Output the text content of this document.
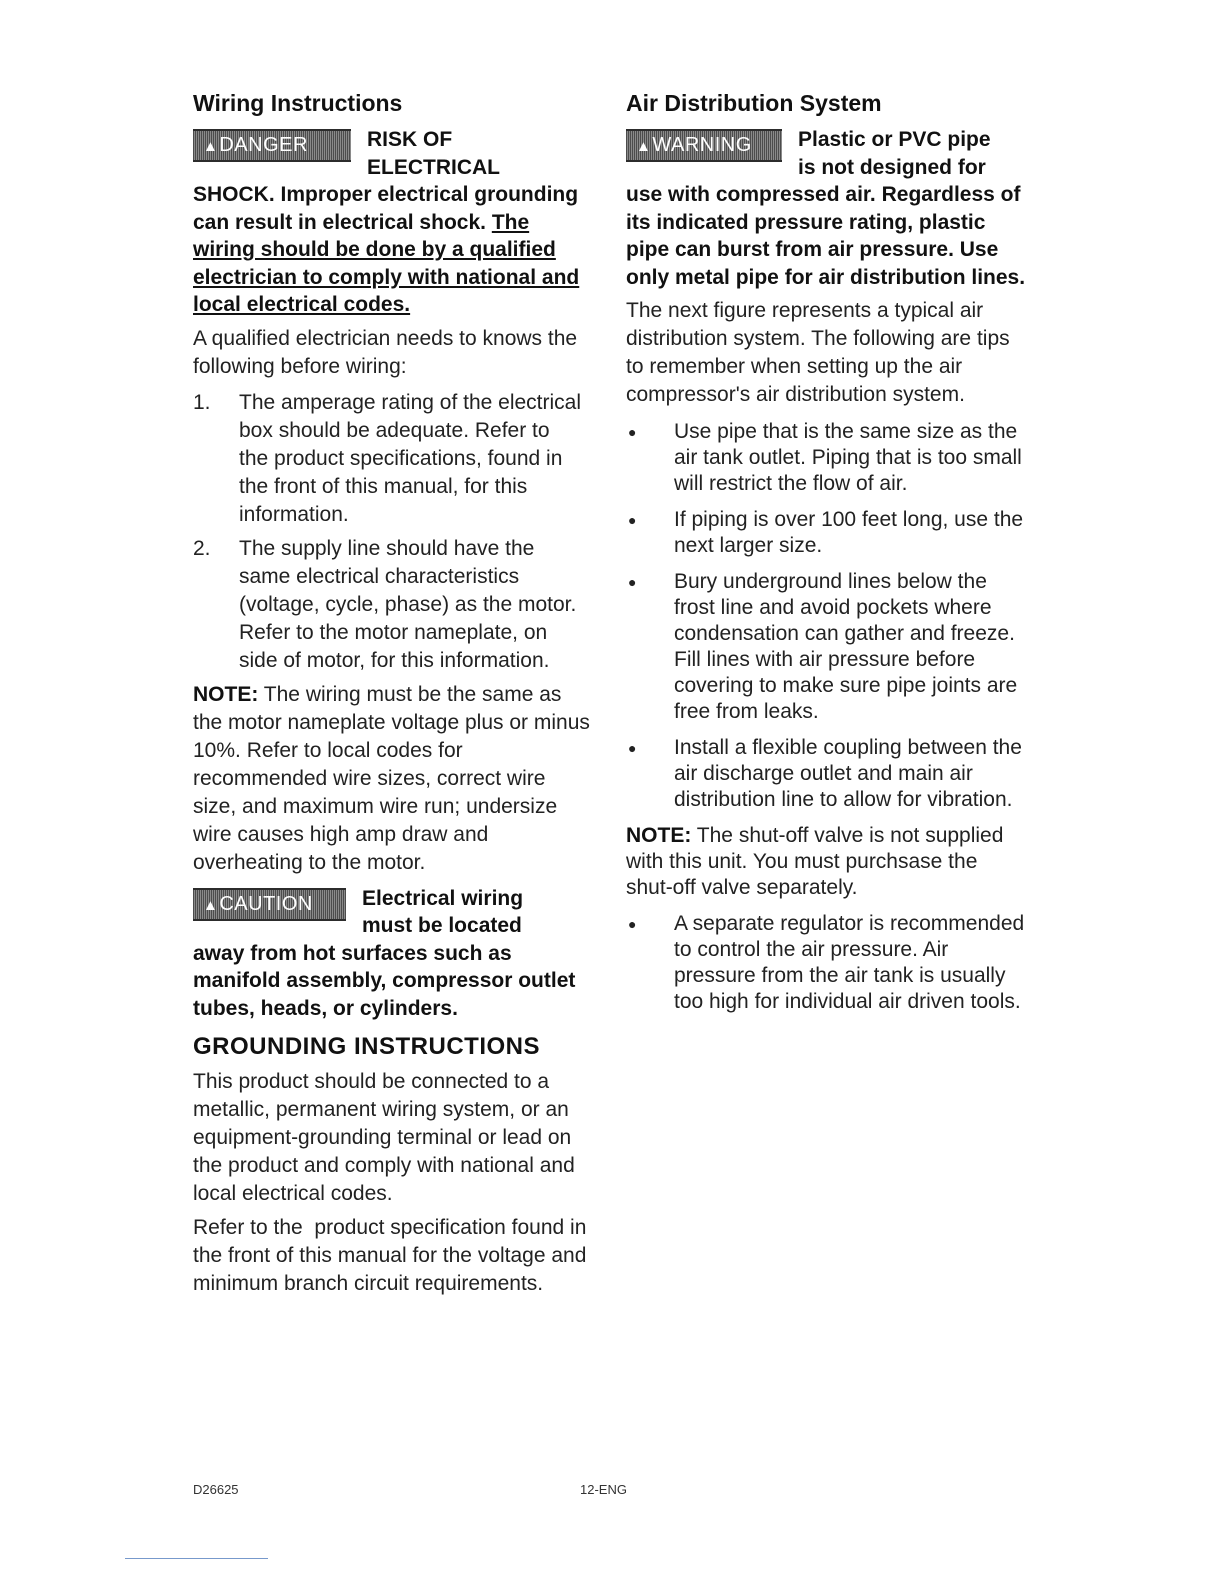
Wiring Instructions
▲DANGER	RISK OF
ELECTRICAL
SHOCK. Improper electrical grounding can result in electrical shock. The wiring should be done by a qualified electrician to comply with national and local electrical codes.

A qualified electrician needs to knows the following before wiring:

1.	The amperage rating of the electrical box should be adequate. Refer to the product specifications, found in the front of this manual, for this information.
2.	The supply line should have the same electrical characteristics (voltage, cycle, phase) as the motor. Refer to the motor nameplate, on side of motor, for this information.

NOTE: The wiring must be the same as the motor nameplate voltage plus or minus 10%. Refer to local codes for recommended wire sizes, correct wire size, and maximum wire run; undersize wire causes high amp draw and overheating to the motor.

▲CAUTION	Electrical wiring
must be located
away from hot surfaces such as manifold assembly, compressor outlet tubes, heads, or cylinders.
GROUNDING INSTRUCTIONS

This product should be connected to a metallic, permanent wiring system, or an equipment-grounding terminal or lead on the product and comply with national and local electrical codes.

Refer to the  product specification found in the front of this manual for the voltage and minimum branch circuit requirements.

Air Distribution System
▲WARNING	Plastic or PVC pipe
is not designed for
use with compressed air. Regardless of its indicated pressure rating, plastic pipe can burst from air pressure. Use only metal pipe for air distribution lines.

The next figure represents a typical air distribution system. The following are tips to remember when setting up the air compressor's air distribution system.

●	Use pipe that is the same size as the air tank outlet. Piping that is too small will restrict the flow of air.
●	If piping is over 100 feet long, use the next larger size.
●	Bury underground lines below the frost line and avoid pockets where condensation can gather and freeze. Fill lines with air pressure before covering to make sure pipe joints are free from leaks.
●	Install a flexible coupling between the air discharge outlet and main air distribution line to allow for vibration.

NOTE: The shut-off valve is not supplied with this unit. You must purchsase the shut-off valve separately.

●	A separate regulator is recommended to control the air pressure. Air pressure from the air tank is usually too high for individual air driven tools.
D26625	12-ENG
